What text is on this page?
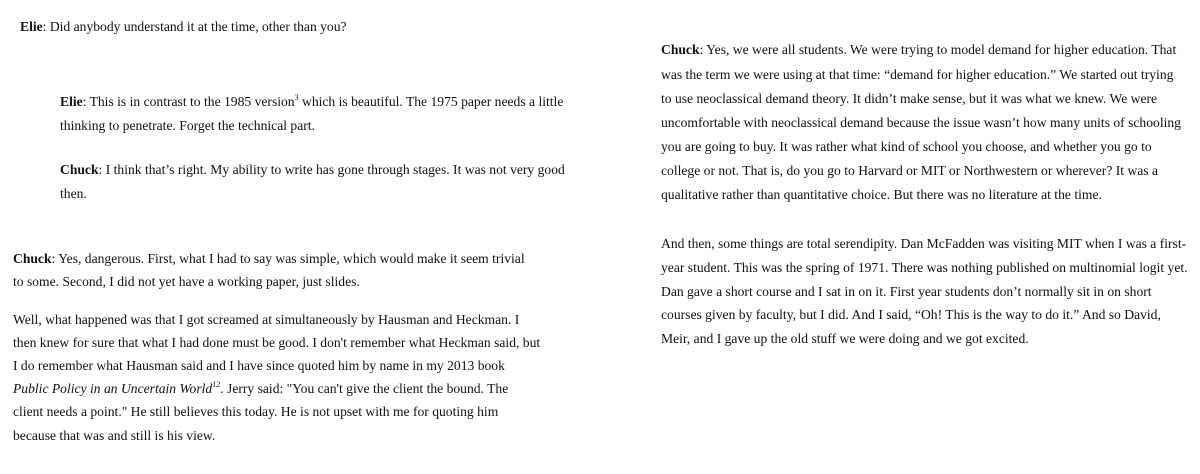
Elie: Did anybody understand it at the time, other than you?
Elie: This is in contrast to the 1985 version$^3$ which is beautiful. The 1975 paper needs a little
thinking to penetrate. Forget the technical part.
Chuck: I think that’s right. My ability to write has gone through stages. It was not very good
then.
Chuck: Yes, dangerous. First, what I had to say was simple, which would make it seem trivial
to some. Second, I did not yet have a working paper, just slides.
Well, what happened was that I got screamed at simultaneously by Hausman and Heckman. I
then knew for sure that what I had done must be good. I don't remember what Heckman said, but
I do remember what Hausman said and I have since quoted him by name in my 2013 book
Public Policy in an Uncertain World$^{12}$. Jerry said: "You can't give the client the bound. The
client needs a point." He still believes this today. He is not upset with me for quoting him
because that was and still is his view.
Chuck: Yes, we were all students. We were trying to model demand for higher education. That
was the term we were using at that time: “demand for higher education.” We started out trying
to use neoclassical demand theory. It didn’t make sense, but it was what we knew. We were
uncomfortable with neoclassical demand because the issue wasn’t how many units of schooling
you are going to buy. It was rather what kind of school you choose, and whether you go to
college or not. That is, do you go to Harvard or MIT or Northwestern or wherever? It was a
qualitative rather than quantitative choice. But there was no literature at the time.
And then, some things are total serendipity. Dan McFadden was visiting MIT when I was a first-
year student. This was the spring of 1971. There was nothing published on multinomial logit yet.
Dan gave a short course and I sat in on it. First year students don’t normally sit in on short
courses given by faculty, but I did. And I said, “Oh! This is the way to do it.” And so David,
Meir, and I gave up the old stuff we were doing and we got excited.
